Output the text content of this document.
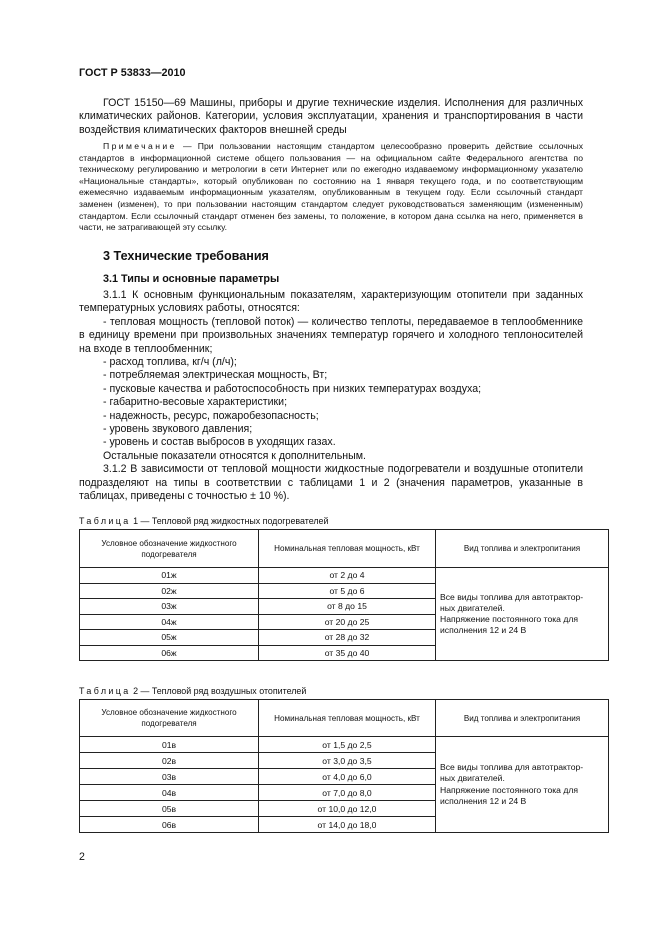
ГОСТ Р 53833—2010

ГОСТ 15150—69 Машины, приборы и другие технические изделия. Исполнения для различных климатических районов. Категории, условия эксплуатации, хранения и транспортирования в части воздействия климатических факторов внешней среды

Примечание — При пользовании настоящим стандартом целесообразно проверить действие ссылочных стандартов в информационной системе общего пользования — на официальном сайте Федерального агентства по техническому регулированию и метрологии в сети Интернет или по ежегодно издаваемому информационному указателю «Национальные стандарты», который опубликован по состоянию на 1 января текущего года, и по соответствующим ежемесячно издаваемым информационным указателям, опубликованным в текущем году. Если ссылочный стандарт заменен (изменен), то при пользовании настоящим стандартом следует руководствоваться заменяющим (измененным) стандартом. Если ссылочный стандарт отменен без замены, то положение, в котором дана ссылка на него, применяется в части, не затрагивающей эту ссылку.

3 Технические требования
3.1 Типы и основные параметры

3.1.1 К основным функциональным показателям, характеризующим отопители при заданных температурных условиях работы, относятся:

- тепловая мощность (тепловой поток) — количество теплоты, передаваемое в теплообменнике в единицу времени при произвольных значениях температур горячего и холодного теплоносителей на входе в теплообменник;

- расход топлива, кг/ч (л/ч);

- потребляемая электрическая мощность, Вт;

- пусковые качества и работоспособность при низких температурах воздуха;

- габаритно-весовые характеристики;

- надежность, ресурс, пожаробезопасность;

- уровень звукового давления;

- уровень и состав выбросов в уходящих газах.

Остальные показатели относятся к дополнительным.

3.1.2 В зависимости от тепловой мощности жидкостные подогреватели и воздушные отопители подразделяют на типы в соответствии с таблицами 1 и 2 (значения параметров, указанные в таблицах, приведены с точностью ± 10 %).

Таблица 1 — Тепловой ряд жидкостных подогревателей
Условное обозначение жидкостного подогревателя	Номинальная тепловая мощность, кВт	Вид топлива и электропитания
01ж	от 2 до 4	Все виды топлива для автотрактор-
ных двигателей.
Напряжение постоянного тока для
исполнения 12 и 24 В

02ж	от 5 до 6	
03ж	от 8 до 15	
04ж	от 20 до 25	
05ж	от 28 до 32	
06ж	от 35 до 40	
Таблица 2 — Тепловой ряд воздушных отопителей
Условное обозначение жидкостного подогревателя	Номинальная тепловая мощность, кВт	Вид топлива и электропитания
01в	от 1,5 до 2,5	Все виды топлива для автотрактор-
ных двигателей.
Напряжение постоянного тока для
исполнения 12 и 24 В

02в	от 3,0 до 3,5	
03в	от 4,0 до 6,0	
04в	от 7,0 до 8,0	
05в	от 10,0 до 12,0	
06в	от 14,0 до 18,0	
2
